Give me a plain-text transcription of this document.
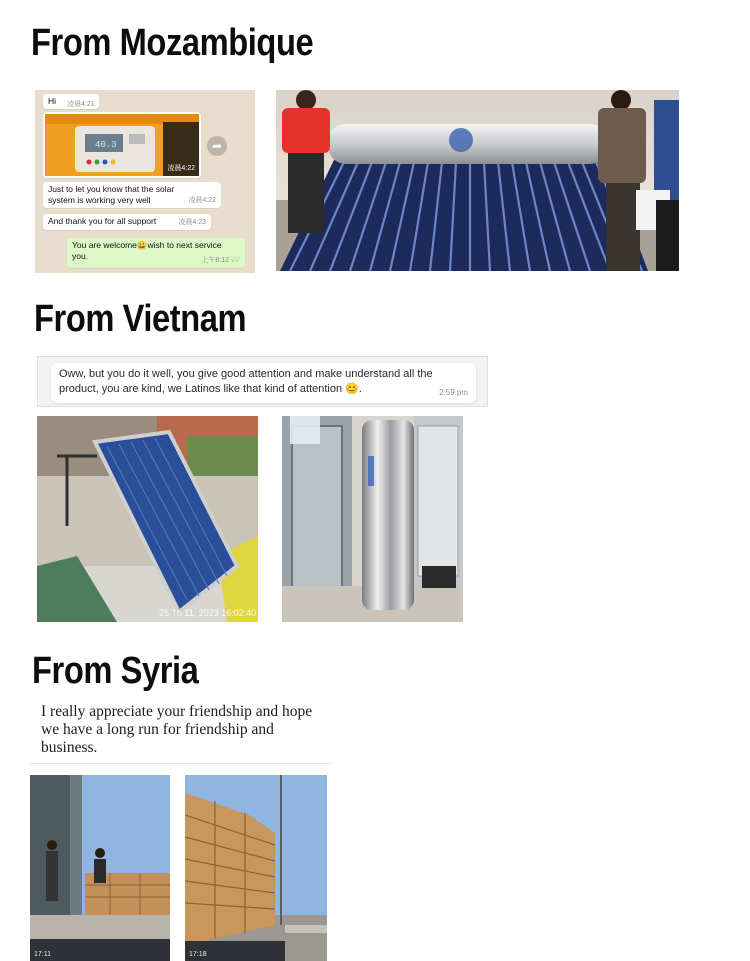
From Mozambique
Hi	凌晨4:21
40.3
凌晨4:22
➦
Just to let you know that the solar system is working very well	凌晨4:22
And thank you for all support	凌晨4:23
You are welcome😀wish to next service you.	上午8:12 ✓✓
From Vietnam
Oww, but you do it well, you give good attention and make understand all the product, you are kind, we Latinos like that kind of attention 😊.	2:59 pm
25 Th 11, 2023 16:02:40
From Syria
I really appreciate your friendship and hope we have a long run for friendship and business.
17:11	17:18
